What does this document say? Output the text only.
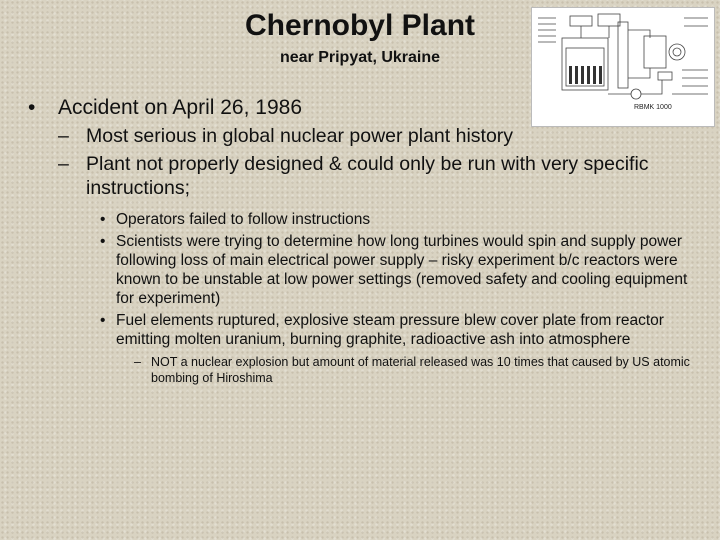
Chernobyl Plant
near Pripyat, Ukraine
RBMK 1000
• Accident on April 26, 1986
– Most serious in global nuclear power plant history
– Plant not properly designed & could only be run with very specific instructions;
• Operators failed to follow instructions
• Scientists were trying to determine how long turbines would spin and supply power following loss of main electrical power supply – risky experiment b/c reactors were known to be unstable at low power settings (removed safety and cooling equipment for experiment)
• Fuel elements ruptured, explosive steam pressure blew cover plate from reactor emitting molten uranium, burning graphite, radioactive ash into atmosphere
– NOT a nuclear explosion but amount of material released was 10 times that caused by US atomic bombing of Hiroshima
